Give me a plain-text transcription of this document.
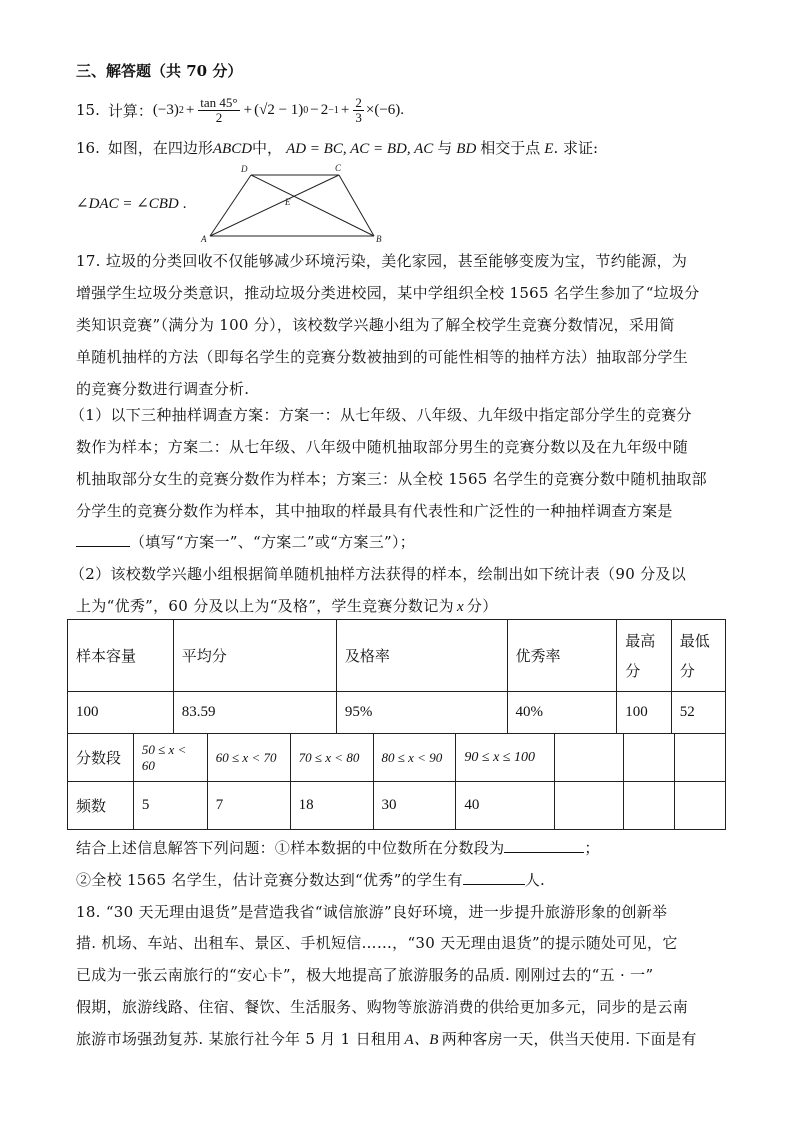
三、解答题（共 70 分）
15. 计算： (−3) $2 + \frac{\tan 45^\circ}{2} + (√2 - 1) 0 - 2 -1 + \frac{2}{3} \times(-6)$.
16. 如图，在四边形ABCD中， AD = BC, AC = BD, AC 与 BD 相交于点 E. 求证:
∠DAC = ∠CBD .
D	C
E
A	B
17. 垃圾的分类回收不仅能够减少环境污染，美化家园，甚至能够变废为宝，节约能源，为
增强学生垃圾分类意识，推动垃圾分类进校园，某中学组织全校 1565 名学生参加了“垃圾分
类知识竞赛”（满分为 100 分），该校数学兴趣小组为了解全校学生竞赛分数情况，采用简
单随机抽样的方法（即每名学生的竞赛分数被抽到的可能性相等的抽样方法）抽取部分学生
的竞赛分数进行调查分析.
（1）以下三种抽样调查方案：方案一：从七年级、八年级、九年级中指定部分学生的竞赛分
数作为样本；方案二：从七年级、八年级中随机抽取部分男生的竞赛分数以及在九年级中随
机抽取部分女生的竞赛分数作为样本；方案三：从全校 1565 名学生的竞赛分数中随机抽取部
分学生的竞赛分数作为样本，其中抽取的样最具有代表性和广泛性的一种抽样调查方案是
（填写“方案一”、“方案二”或“方案三”）；
（2）该校数学兴趣小组根据简单随机抽样方法获得的样本，绘制出如下统计表（90 分及以
上为“优秀”，60 分及以上为“及格”，学生竞赛分数记为 x 分）
样本容量	平均分	及格率	优秀率	最高分	最低分
100	83.59	95%	40%	100	52
分数段	50 ≤ x < 60	60 ≤ x < 70	70 ≤ x < 80	80 ≤ x < 90	90 ≤ x ≤ 100			
频数	5	7	18	30	40			
结合上述信息解答下列问题：①样本数据的中位数所在分数段为	；
②全校 1565 名学生，估计竞赛分数达到“优秀”的学生有	人.
18. “30 天无理由退货”是营造我省“诚信旅游”良好环境，进一步提升旅游形象的创新举
措. 机场、车站、出租车、景区、手机短信……，“30 天无理由退货”的提示随处可见，它
已成为一张云南旅行的“安心卡”，极大地提高了旅游服务的品质. 刚刚过去的“五 · 一”
假期，旅游线路、住宿、餐饮、生活服务、购物等旅游消费的供给更加多元，同步的是云南
旅游市场强劲复苏. 某旅行社今年 5 月 1 日租用 A、B 两种客房一天，供当天使用. 下面是有
